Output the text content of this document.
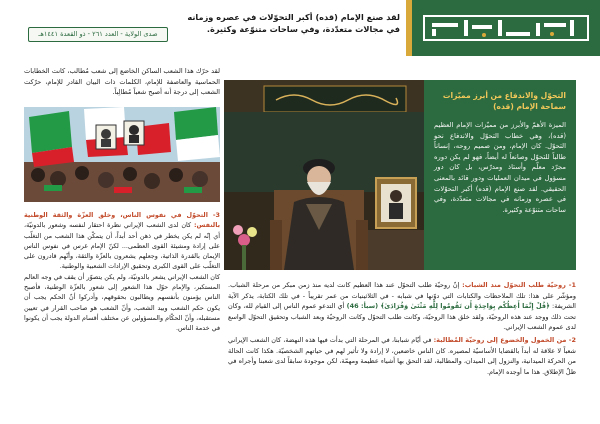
لقد صنع الإمام (قده) أكبر التحوّلات في عصره وزمانه في مجالات متعدّدة، وفي ساحات متنوّعة وكثيرة.
صدى الولاية - العدد ٢٦١ - ذو القعدة ١٤٤١هـ

لقد حرّك هذا الشعب الساكن الخاضع إلى شعب مُطالب، كانت الخطابات الحماسية والعاصفة للإمام، الكلمات ذات البيان القادر للإمام، حرّكت الشعب إلى درجة أنه أصبح شعباً مُطالِباً.	التحوّل والاندفاع من أبرز مميّزات سماحة الإمام (قده)

الميزة الأهمّ والأبرز من مميّزات الإمام العظيم (قده)، وهي خطاب التحوّل والاندفاع نحو التحوّل. كان الإمام، ومن صميم روحه، إنساناً طالباً للتحوّل وصانعاً له أيضاً، فهو لم يكن دوره مجرّد معلّم وأستاذ ومدرّس، بل كان دور مسؤول في ميدان العمليات ودور قائد بالمعنى الحقيقي. لقد صنع الإمام (قده) أكبر التحوّلات في عصره وزمانه في مجالات متعدّدة، وفي ساحات متنوّعة وكثيرة.

3- التحوّل في نفوس الناس، وخلق العزّة والثقة الوطنية بالنفس: كان لدى الشعب الإيراني نظرة احتقار لنفسه وشعور بالدونيّة، أي إنّه لم يكن يخطر في ذهن أحد أبداً، أن يتمكّن هذا الشعب من التغلّب على إرادة ومشيئة القوى العظمى... لكنّ الإمام غرس في نفوس الناس الإيمان بالقدرة الذاتية، وجعلهم يشعرون بالعزّة والثقة، وأنّهم قادرون على التغلّب على القوى الكبرى وتحقيق الإرادات الشعبية والوطنية.

كان الشعب الإيراني يشعر بالدونيّة، ولم يكن يتصوّر أن يقف في وجه العالم المستكبر، والإمام حوّل هذا الشعور إلى شعور بالعزّة الوطنية، فأصبح الناس يؤمنون بأنفسهم ويطالبون بحقوقهم، وأدركوا أنّ الحكم يجب أن يكون حكم الشعب وبيد الشعب، وأنّ الشعب هو صاحب القرار في تعيين مستقبله، وأنّ الحكّام والمسؤولين عن مختلف أقسام الدولة يجب أن يكونوا في خدمة الناس.

1- روحيّة طلب التحوّل مند الشباب: إنّ روحيّة طلب التحوّل عند هذا العظيم كانت لديه منذ زمن مبكر من مرحلة الشباب. ومؤشّر على هذا: تلك الملاحظات والكتابات التي دوّنها في شبابه - في الثلاثينيات من عمر تقريباً - في تلك الكتابة، يذكر الآية الشريفة: ﴿قُلْ إِنَّمَا أَعِظُكُم بِوَاحِدَةٍ أَن تَقُومُوا لِلَّهِ مَثْنَىٰ وَفُرَادَىٰ﴾ (سبأ: 46) أي التدعو عموم الناس إلى القيام لله، وكان تحت ذلك ووجد عند هذه الروحيّة، ولقد خلق هذا الروحيّة، وكانت طلب التحوّل وكانت الروحيّة وبعد الشباب وتحقيق التحوّل الواسع لدى عموم الشعب الإيراني.

2- من الخمول والخضوع إلى روحيّة المُطالبة: في أيّام شبابنا، في المرحلة التي بدأت فيها هذه النهضة، كان الشعب الإيراني شعباً لا علاقة له أبداً بالقضايا الأساسيّة لمصيره. كان الناس خاضعين، لا إرادة ولا تأثير لهم في حياتهم الشخصيّة. هكذا كانت الحالة من الحركة الميدانية، والنزول إلى الميدان، والمطالبة، لقد التحق بها أشياء عظيمة ومهمّة، لكن موجودة سابقاً لدى شعبنا وأجراه في ظلّ الإطلاق. هذا ما أوجده الإمام.
